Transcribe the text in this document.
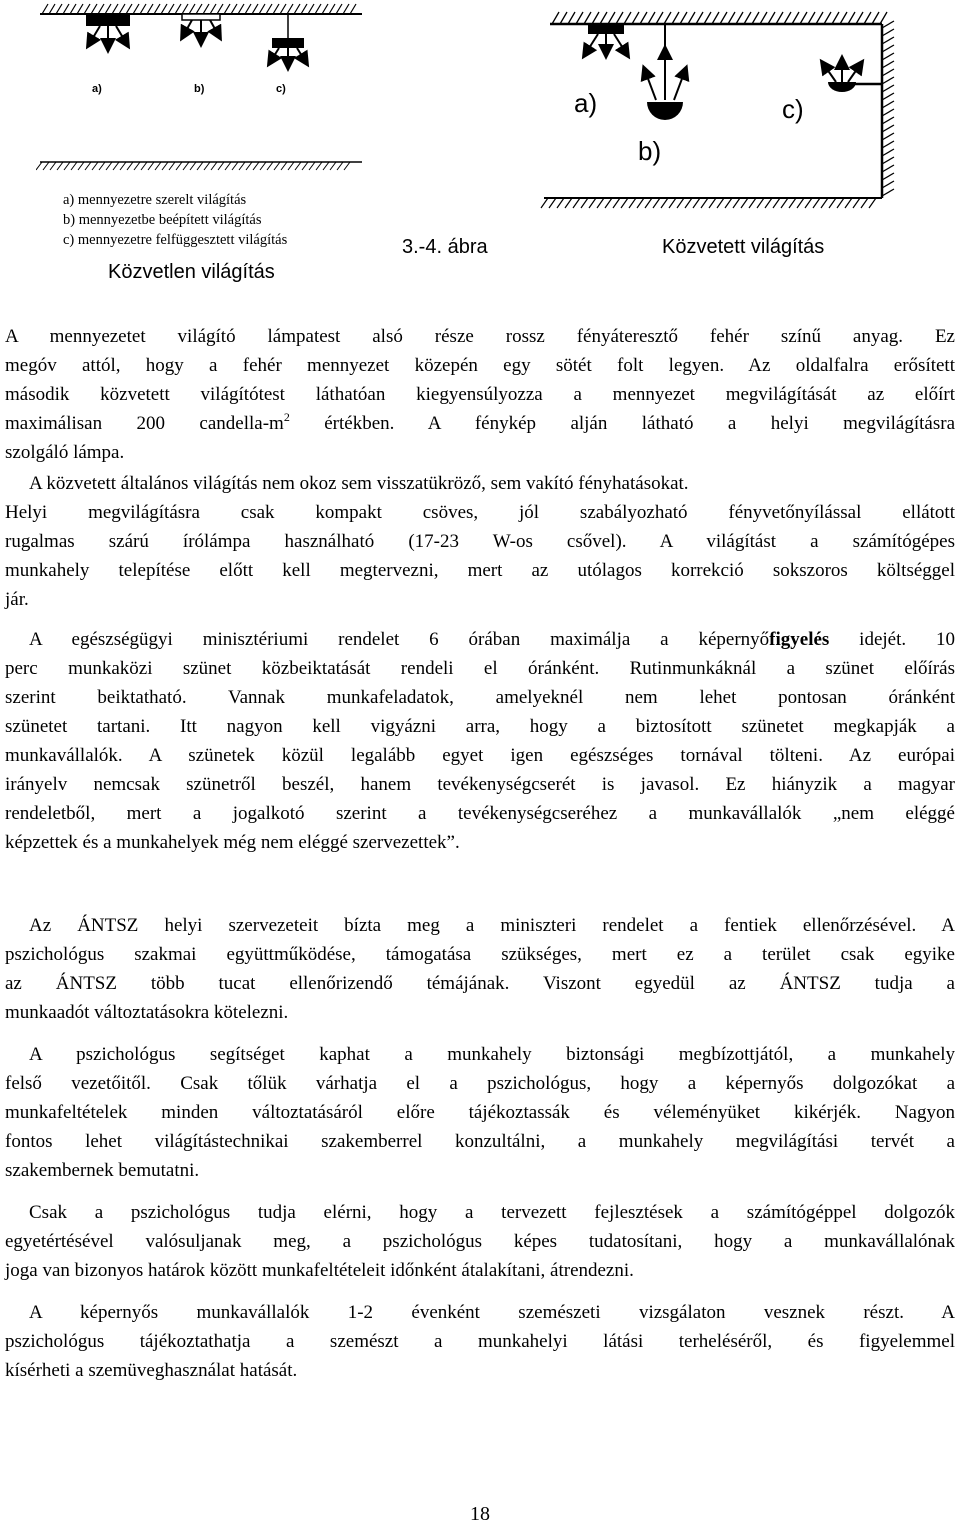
a)	b)	c)	a)
b)
c)
a) mennyezetre szerelt világítás
b) mennyezetbe beépített világítás
c) mennyezetre felfüggesztett világítás
Közvetlen világítás
3.-4. ábra	Közvetett világítás
A mennyezetet világító lámpatest alsó része rossz fényáteresztő fehér színű anyag. Ez
megóv attól, hogy a fehér mennyezet közepén egy sötét folt legyen. Az oldalfalra erősített
második közvetett világítótest láthatóan kiegyensúlyozza a mennyezet megvilágítását az előírt
maximálisan 200 candella-$m^2$ értékben. A fénykép alján látható a helyi megvilágításra
szolgáló lámpa.
A közvetett általános világítás nem okoz sem visszatükröző, sem vakító fényhatásokat.
Helyi megvilágításra csak kompakt csöves, jól szabályozható fényvetőnyílással ellátott
rugalmas szárú írólámpa használható (17-23 W-os csővel). A világítást a számítógépes
munkahely telepítése előtt kell megtervezni, mert az utólagos korrekció sokszoros költséggel
jár.
A egészségügyi minisztériumi rendelet 6 órában maximálja a képernyőfigyelés idejét. 10
perc munkaközi szünet közbeiktatását rendeli el óránként. Rutinmunkáknál a szünet előírás
szerint beiktatható. Vannak munkafeladatok, amelyeknél nem lehet pontosan óránként
szünetet tartani. Itt nagyon kell vigyázni arra, hogy a biztosított szünetet megkapják a
munkavállalók. A szünetek közül legalább egyet igen egészséges tornával tölteni. Az európai
irányelv nemcsak szünetről beszél, hanem tevékenységcserét is javasol. Ez hiányzik a magyar
rendeletből, mert a jogalkotó szerint a tevékenységcseréhez a munkavállalók „nem eléggé
képzettek és a munkahelyek még nem eléggé szervezettek”.
Az ÁNTSZ helyi szervezeteit bízta meg a miniszteri rendelet a fentiek ellenőrzésével. A
pszichológus szakmai együttműködése, támogatása szükséges, mert ez a terület csak egyike
az ÁNTSZ több tucat ellenőrizendő témájának. Viszont egyedül az ÁNTSZ tudja a
munkaadót változtatásokra kötelezni.
A pszichológus segítséget kaphat a munkahely biztonsági megbízottjától, a munkahely
felső vezetőitől. Csak tőlük várhatja el a pszichológus, hogy a képernyős dolgozókat a
munkafeltételek minden változtatásáról előre tájékoztassák és véleményüket kikérjék. Nagyon
fontos lehet világítástechnikai szakemberrel konzultálni, a munkahely megvilágítási tervét a
szakembernek bemutatni.
Csak a pszichológus tudja elérni, hogy a tervezett fejlesztések a számítógéppel dolgozók
egyetértésével valósuljanak meg, a pszichológus képes tudatosítani, hogy a munkavállalónak
joga van bizonyos határok között munkafeltételeit időnként átalakítani, átrendezni.
A képernyős munkavállalók 1-2 évenként szemészeti vizsgálaton vesznek részt. A
pszichológus tájékoztathatja a szemészt a munkahelyi látási terheléséről, és figyelemmel
kísérheti a szemüveghasználat hatását.
18
